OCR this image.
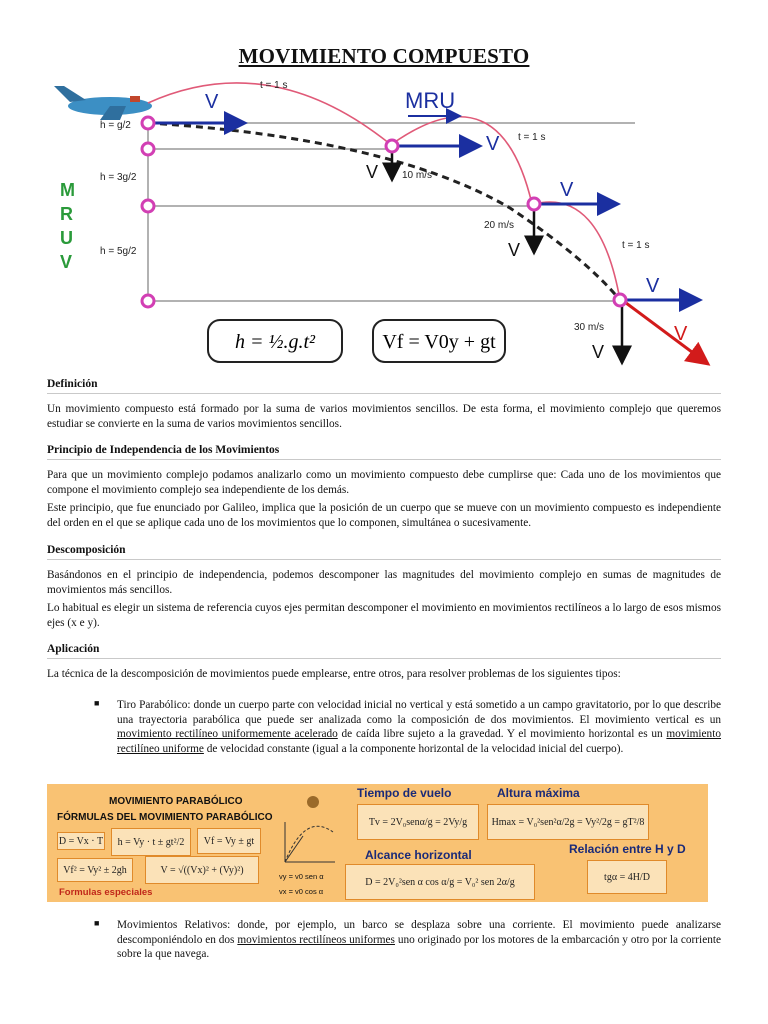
MOVIMIENTO COMPUESTO
V
V
V
V
MRU
V
V
V
V
t = 1 s
t = 1 s
t = 1 s
10 m/s
20 m/s
30 m/s
h = g/2
h = 3g/2
h = 5g/2
M
R
U
V
h = ½.g.t²	Vf = V0y + gt
Definición

Un movimiento compuesto está formado por la suma de varios movimientos sencillos. De esta forma, el movimiento complejo que queremos estudiar se convierte en la suma de varios movimientos sencillos.

Principio de Independencia de los Movimientos

Para que un movimiento complejo podamos analizarlo como un movimiento compuesto debe cumplirse que: Cada uno de los movimientos que compone el movimiento complejo sea independiente de los demás.

Este principio, que fue enunciado por Galileo, implica que la posición de un cuerpo que se mueve con un movimiento compuesto es independiente del orden en el que se aplique cada uno de los movimientos que lo componen, simultánea o sucesivamente.

Descomposición

Basándonos en el principio de independencia, podemos descomponer las magnitudes del movimiento complejo en sumas de magnitudes de movimientos más sencillos.

Lo habitual es elegir un sistema de referencia cuyos ejes permitan descomponer el movimiento en movimientos rectilíneos a lo largo de esos mismos ejes (x e y).

Aplicación

La técnica de la descomposición de movimientos puede emplearse, entre otros, para resolver problemas de los siguientes tipos:

■ Tiro Parabólico: donde un cuerpo parte con velocidad inicial no vertical y está sometido a un campo gravitatorio, por lo que describe una trayectoria parabólica que puede ser analizada como la composición de dos movimientos. El movimiento vertical es un movimiento rectilíneo uniformemente acelerado de caída libre sujeto a la gravedad. Y el movimiento horizontal es un movimiento rectilíneo uniforme de velocidad constante (igual a la componente horizontal de la velocidad inicial del cuerpo).

MOVIMIENTO PARABÓLICO
FÓRMULAS DEL MOVIMIENTO PARABÓLICO
D = Vx · T	h = Vy · t ± gt²/2	Vf = Vy ± gt
Vf² = Vy² ± 2gh	V = √((Vx)² + (Vy)²)
Formulas especiales
vy = v0 sen α
vx = v0 cos α
Tiempo de vuelo	Altura máxima
Tv = 2V₀senα/g = 2Vy/g	Hmax = V₀²sen²α/2g = Vy²/2g = gT²/8
Alcance horizontal
D = 2V₀²sen α cos α/g = V₀² sen 2α/g
Relación entre H y D
tgα = 4H/D
■ Movimientos Relativos: donde, por ejemplo, un barco se desplaza sobre una corriente. El movimiento puede analizarse descomponiéndolo en dos movimientos rectilíneos uniformes uno originado por los motores de la embarcación y otro por la corriente sobre la que navega.
